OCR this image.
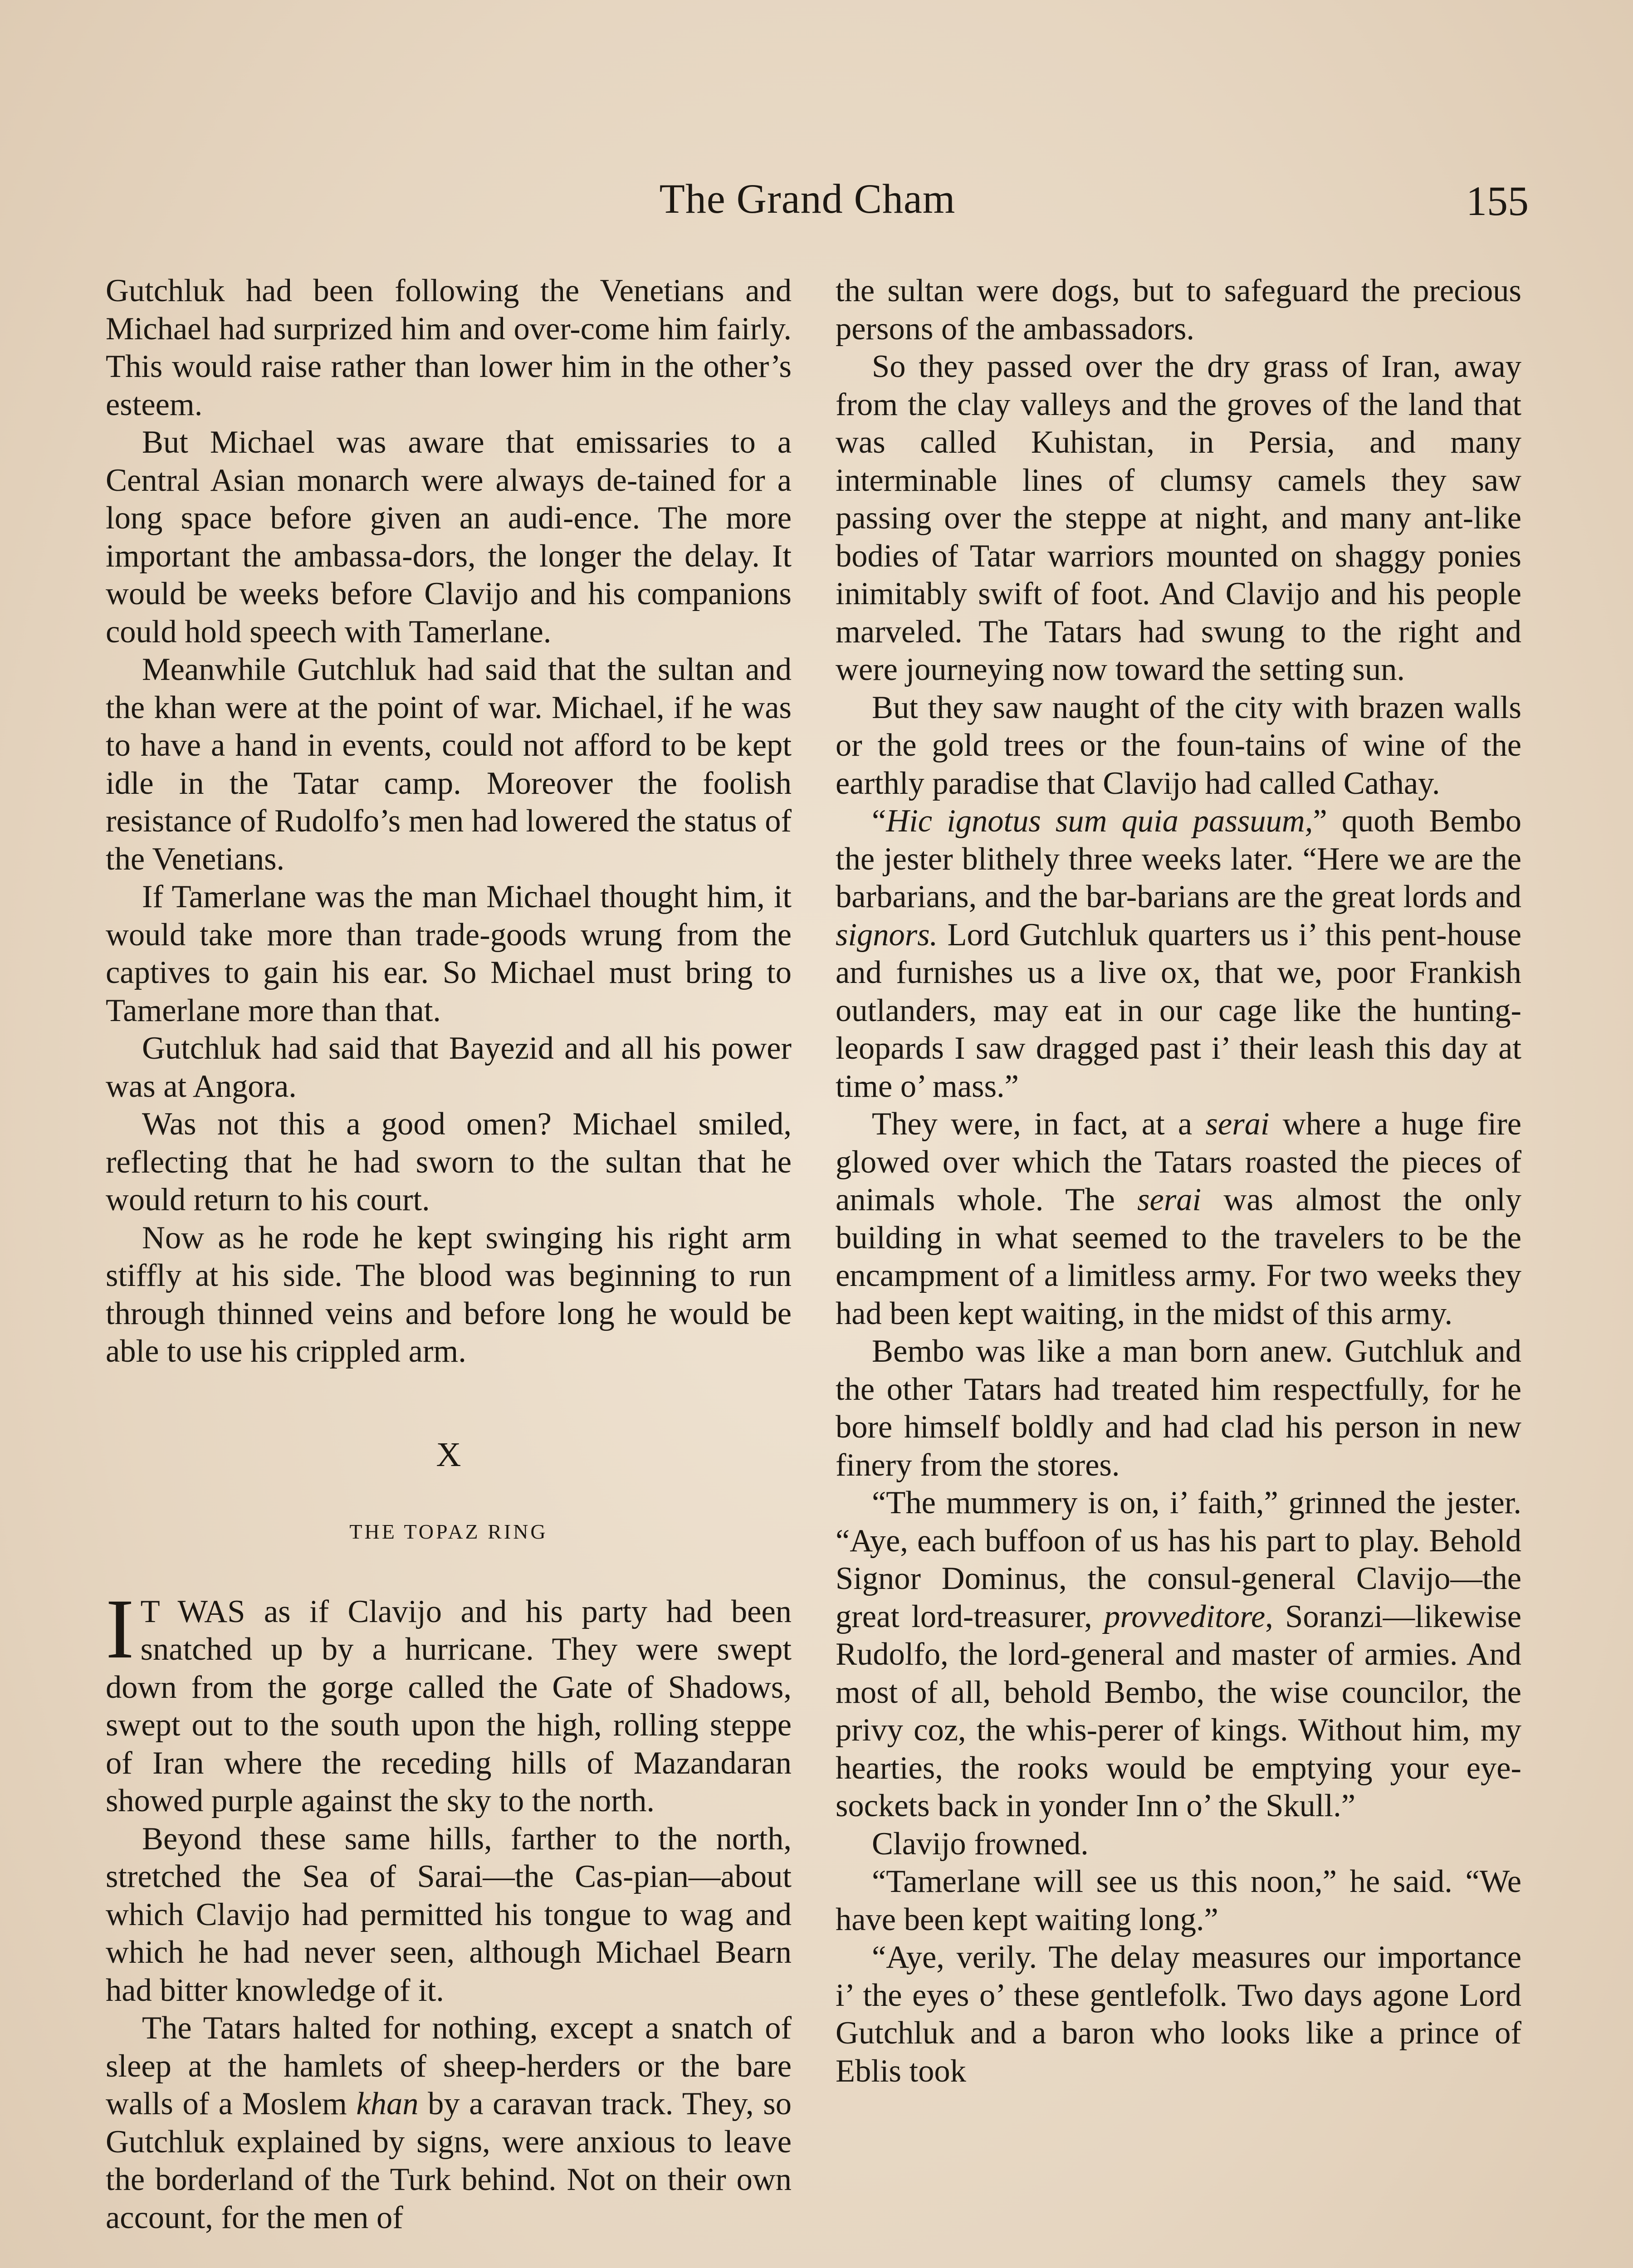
The Grand Cham	155

Gutchluk had been following the Venetians and Michael had surprized him and over-come him fairly. This would raise rather than lower him in the other’s esteem.

But Michael was aware that emissaries to a Central Asian monarch were always de-tained for a long space before given an audi-ence. The more important the ambassa-dors, the longer the delay. It would be weeks before Clavijo and his companions could hold speech with Tamerlane.

Meanwhile Gutchluk had said that the sultan and the khan were at the point of war. Michael, if he was to have a hand in events, could not afford to be kept idle in the Tatar camp. Moreover the foolish resistance of Rudolfo’s men had lowered the status of the Venetians.

If Tamerlane was the man Michael thought him, it would take more than trade-goods wrung from the captives to gain his ear. So Michael must bring to Tamerlane more than that.

Gutchluk had said that Bayezid and all his power was at Angora.

Was not this a good omen? Michael smiled, reflecting that he had sworn to the sultan that he would return to his court.

Now as he rode he kept swinging his right arm stiffly at his side. The blood was beginning to run through thinned veins and before long he would be able to use his crippled arm.

X
THE TOPAZ RING

I T WAS as if Clavijo and his party had been snatched up by a hurricane. They were swept down from the gorge called the Gate of Shadows, swept out to the south upon the high, rolling steppe of Iran where the receding hills of Mazandaran showed purple against the sky to the north.

Beyond these same hills, farther to the north, stretched the Sea of Sarai—the Cas-pian—about which Clavijo had permitted his tongue to wag and which he had never seen, although Michael Bearn had bitter knowledge of it.

The Tatars halted for nothing, except a snatch of sleep at the hamlets of sheep-herders or the bare walls of a Moslem khan by a caravan track. They, so Gutchluk explained by signs, were anxious to leave the borderland of the Turk behind. Not on their own account, for the men of

the sultan were dogs, but to safeguard the precious persons of the ambassadors.

So they passed over the dry grass of Iran, away from the clay valleys and the groves of the land that was called Kuhistan, in Persia, and many interminable lines of clumsy camels they saw passing over the steppe at night, and many ant-like bodies of Tatar warriors mounted on shaggy ponies inimitably swift of foot. And Clavijo and his people marveled. The Tatars had swung to the right and were journeying now toward the setting sun.

But they saw naught of the city with brazen walls or the gold trees or the foun-tains of wine of the earthly paradise that Clavijo had called Cathay.

“Hic ignotus sum quia passuum,” quoth Bembo the jester blithely three weeks later. “Here we are the barbarians, and the bar-barians are the great lords and signors. Lord Gutchluk quarters us i’ this pent-house and furnishes us a live ox, that we, poor Frankish outlanders, may eat in our cage like the hunting-leopards I saw dragged past i’ their leash this day at time o’ mass.”

They were, in fact, at a serai where a huge fire glowed over which the Tatars roasted the pieces of animals whole. The serai was almost the only building in what seemed to the travelers to be the encampment of a limitless army. For two weeks they had been kept waiting, in the midst of this army.

Bembo was like a man born anew. Gutchluk and the other Tatars had treated him respectfully, for he bore himself boldly and had clad his person in new finery from the stores.

“The mummery is on, i’ faith,” grinned the jester. “Aye, each buffoon of us has his part to play. Behold Signor Dominus, the consul-general Clavijo—the great lord-treasurer, provveditore, Soranzi—likewise Rudolfo, the lord-general and master of armies. And most of all, behold Bembo, the wise councilor, the privy coz, the whis-perer of kings. Without him, my hearties, the rooks would be emptying your eye-sockets back in yonder Inn o’ the Skull.”

Clavijo frowned.

“Tamerlane will see us this noon,” he said. “We have been kept waiting long.”

“Aye, verily. The delay measures our importance i’ the eyes o’ these gentlefolk. Two days agone Lord Gutchluk and a baron who looks like a prince of Eblis took
